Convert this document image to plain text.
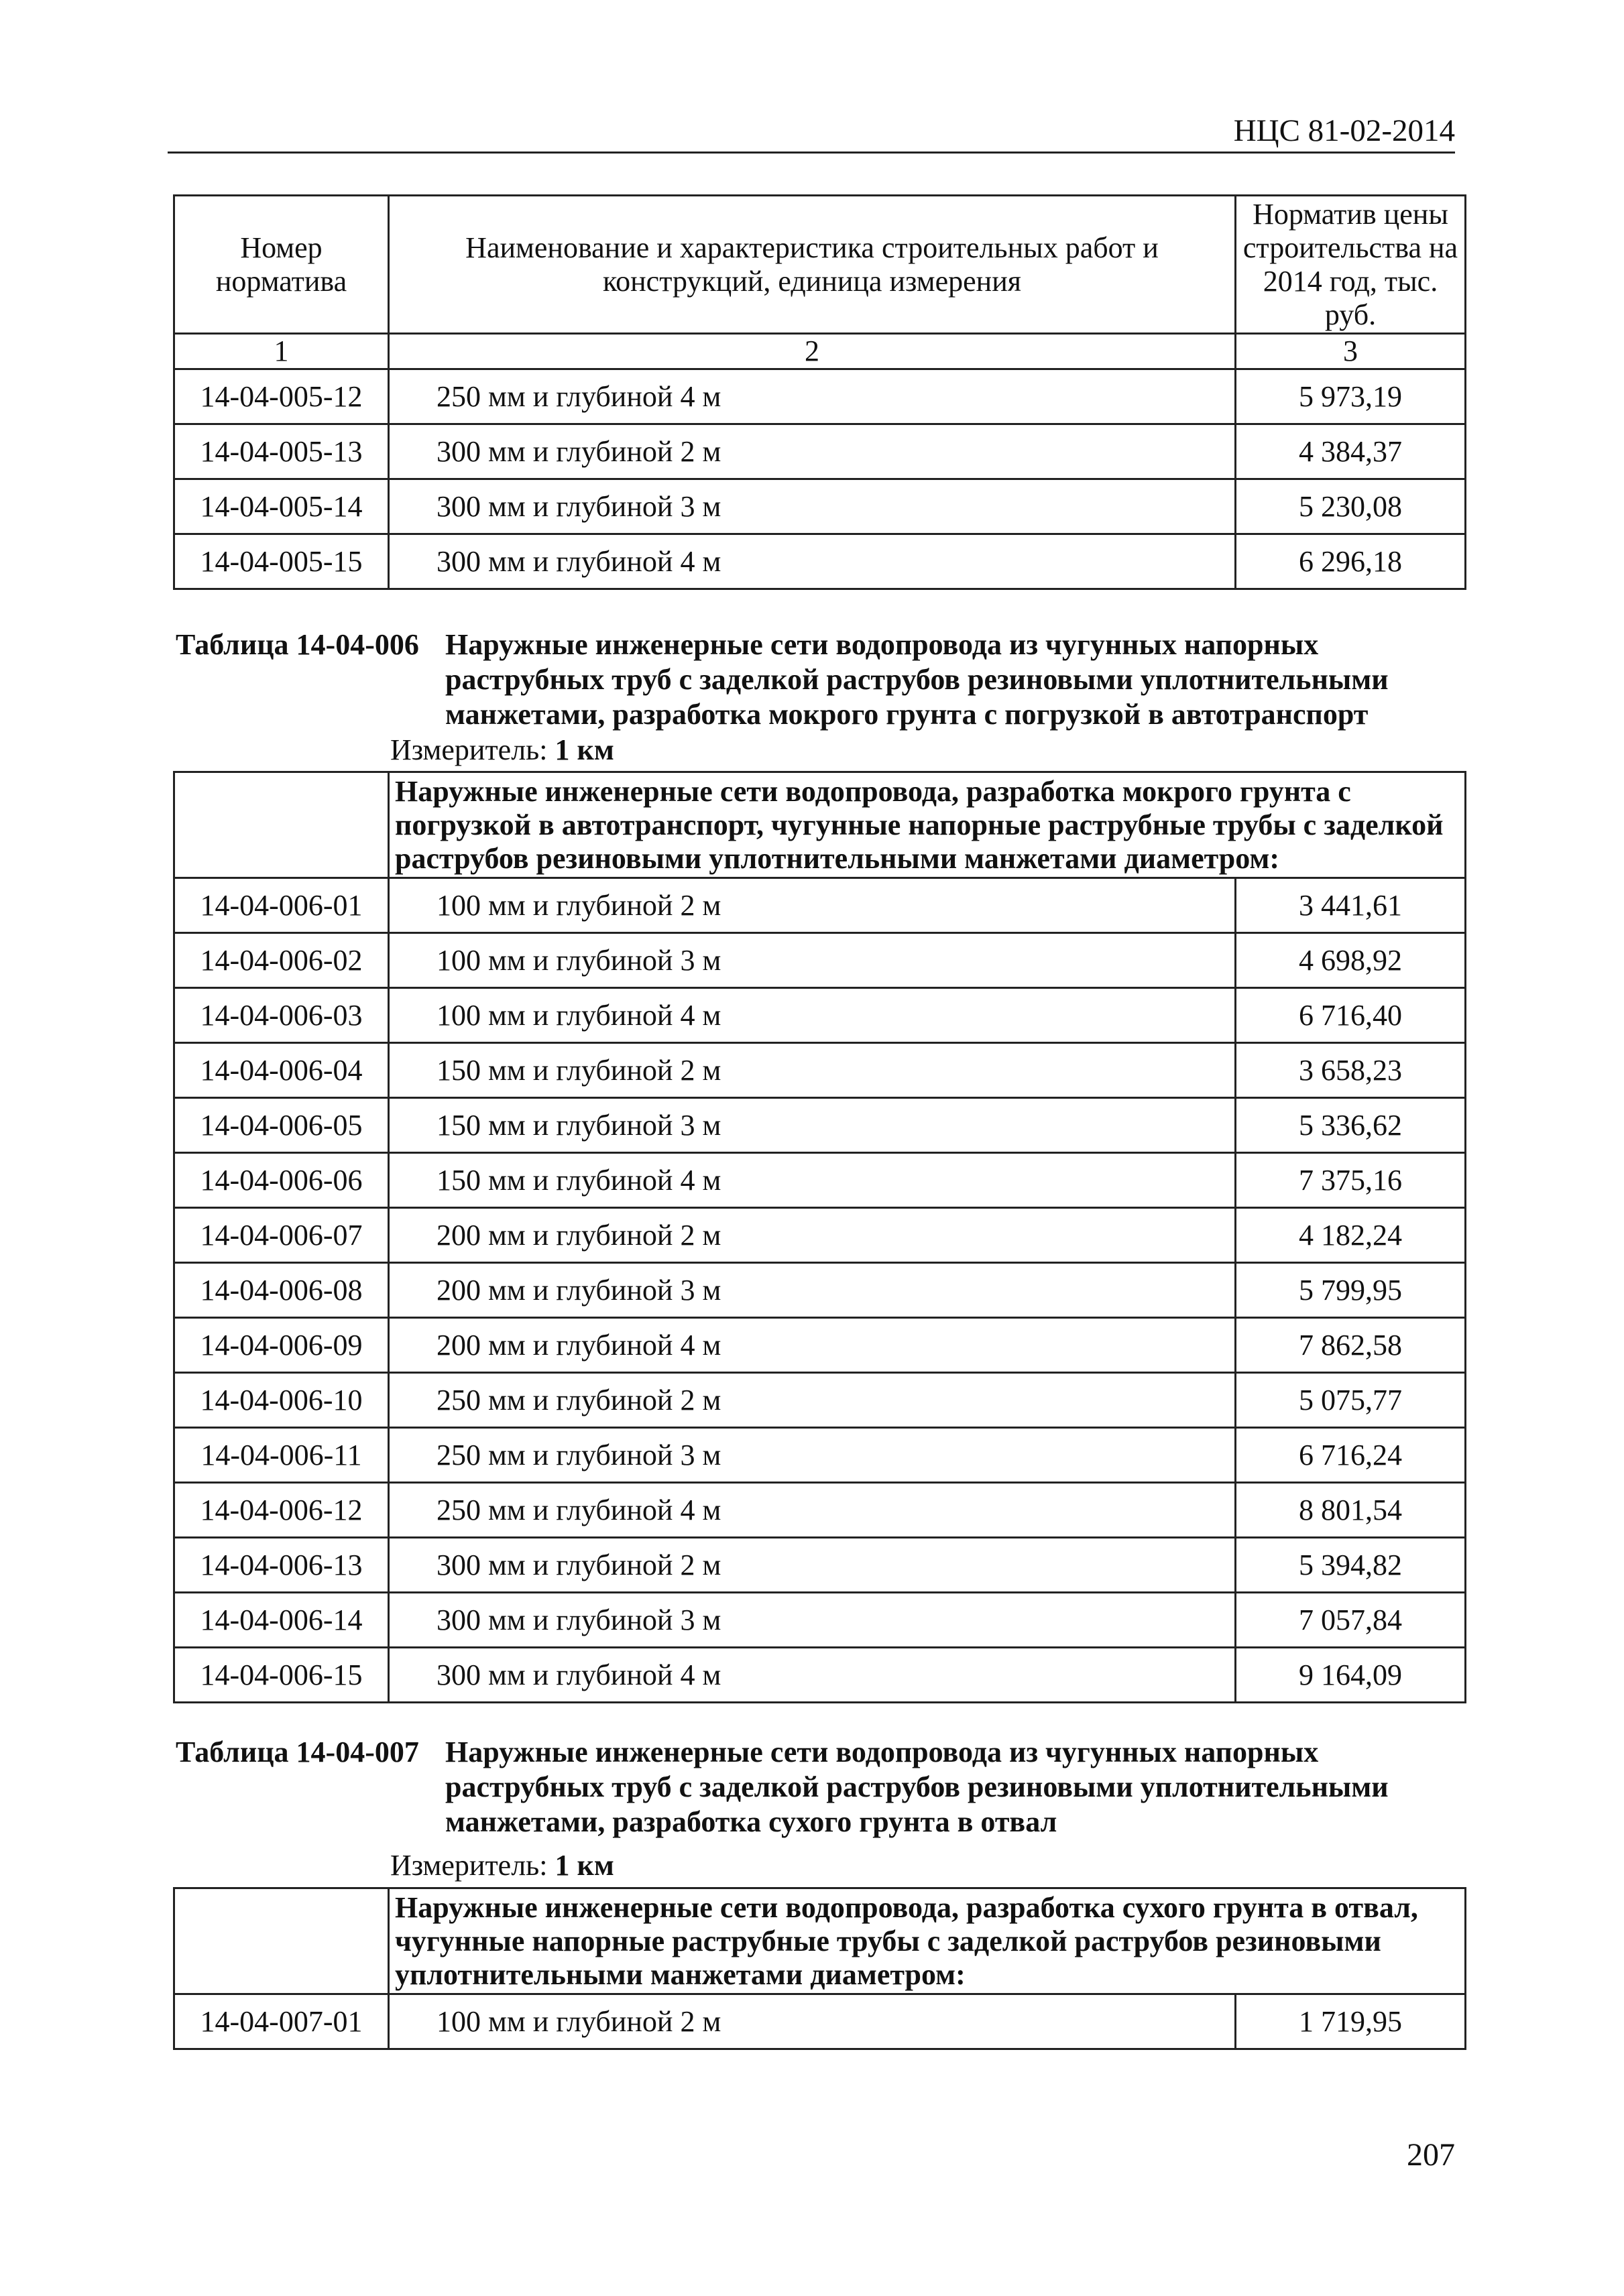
НЦС 81-02-2014
Номер норматива	Наименование и характеристика строительных работ и конструкций, единица измерения	Норматив цены строительства на 2014 год, тыс. руб.
1	2	3
14-04-005-12	250 мм и глубиной 4 м	5 973,19
14-04-005-13	300 мм и глубиной 2 м	4 384,37
14-04-005-14	300 мм и глубиной 3 м	5 230,08
14-04-005-15	300 мм и глубиной 4 м	6 296,18
Таблица 14-04-006 Наружные инженерные сети водопровода из чугунных напорных раструбных труб с заделкой раструбов резиновыми уплотнительными манжетами, разработка мокрого грунта с погрузкой в автотранспорт
Измеритель: 1 км
	Наружные инженерные сети водопровода, разработка мокрого грунта с погрузкой в автотранспорт, чугунные напорные раструбные трубы с заделкой раструбов резиновыми уплотнительными манжетами диаметром:	
14-04-006-01	100 мм и глубиной 2 м	3 441,61
14-04-006-02	100 мм и глубиной 3 м	4 698,92
14-04-006-03	100 мм и глубиной 4 м	6 716,40
14-04-006-04	150 мм и глубиной 2 м	3 658,23
14-04-006-05	150 мм и глубиной 3 м	5 336,62
14-04-006-06	150 мм и глубиной 4 м	7 375,16
14-04-006-07	200 мм и глубиной 2 м	4 182,24
14-04-006-08	200 мм и глубиной 3 м	5 799,95
14-04-006-09	200 мм и глубиной 4 м	7 862,58
14-04-006-10	250 мм и глубиной 2 м	5 075,77
14-04-006-11	250 мм и глубиной 3 м	6 716,24
14-04-006-12	250 мм и глубиной 4 м	8 801,54
14-04-006-13	300 мм и глубиной 2 м	5 394,82
14-04-006-14	300 мм и глубиной 3 м	7 057,84
14-04-006-15	300 мм и глубиной 4 м	9 164,09
Таблица 14-04-007 Наружные инженерные сети водопровода из чугунных напорных раструбных труб с заделкой раструбов резиновыми уплотнительными манжетами, разработка сухого грунта в отвал
Измеритель: 1 км
	Наружные инженерные сети водопровода, разработка сухого грунта в отвал, чугунные напорные раструбные трубы с заделкой раструбов резиновыми уплотнительными манжетами диаметром:	
14-04-007-01	100 мм и глубиной 2 м	1 719,95
207
